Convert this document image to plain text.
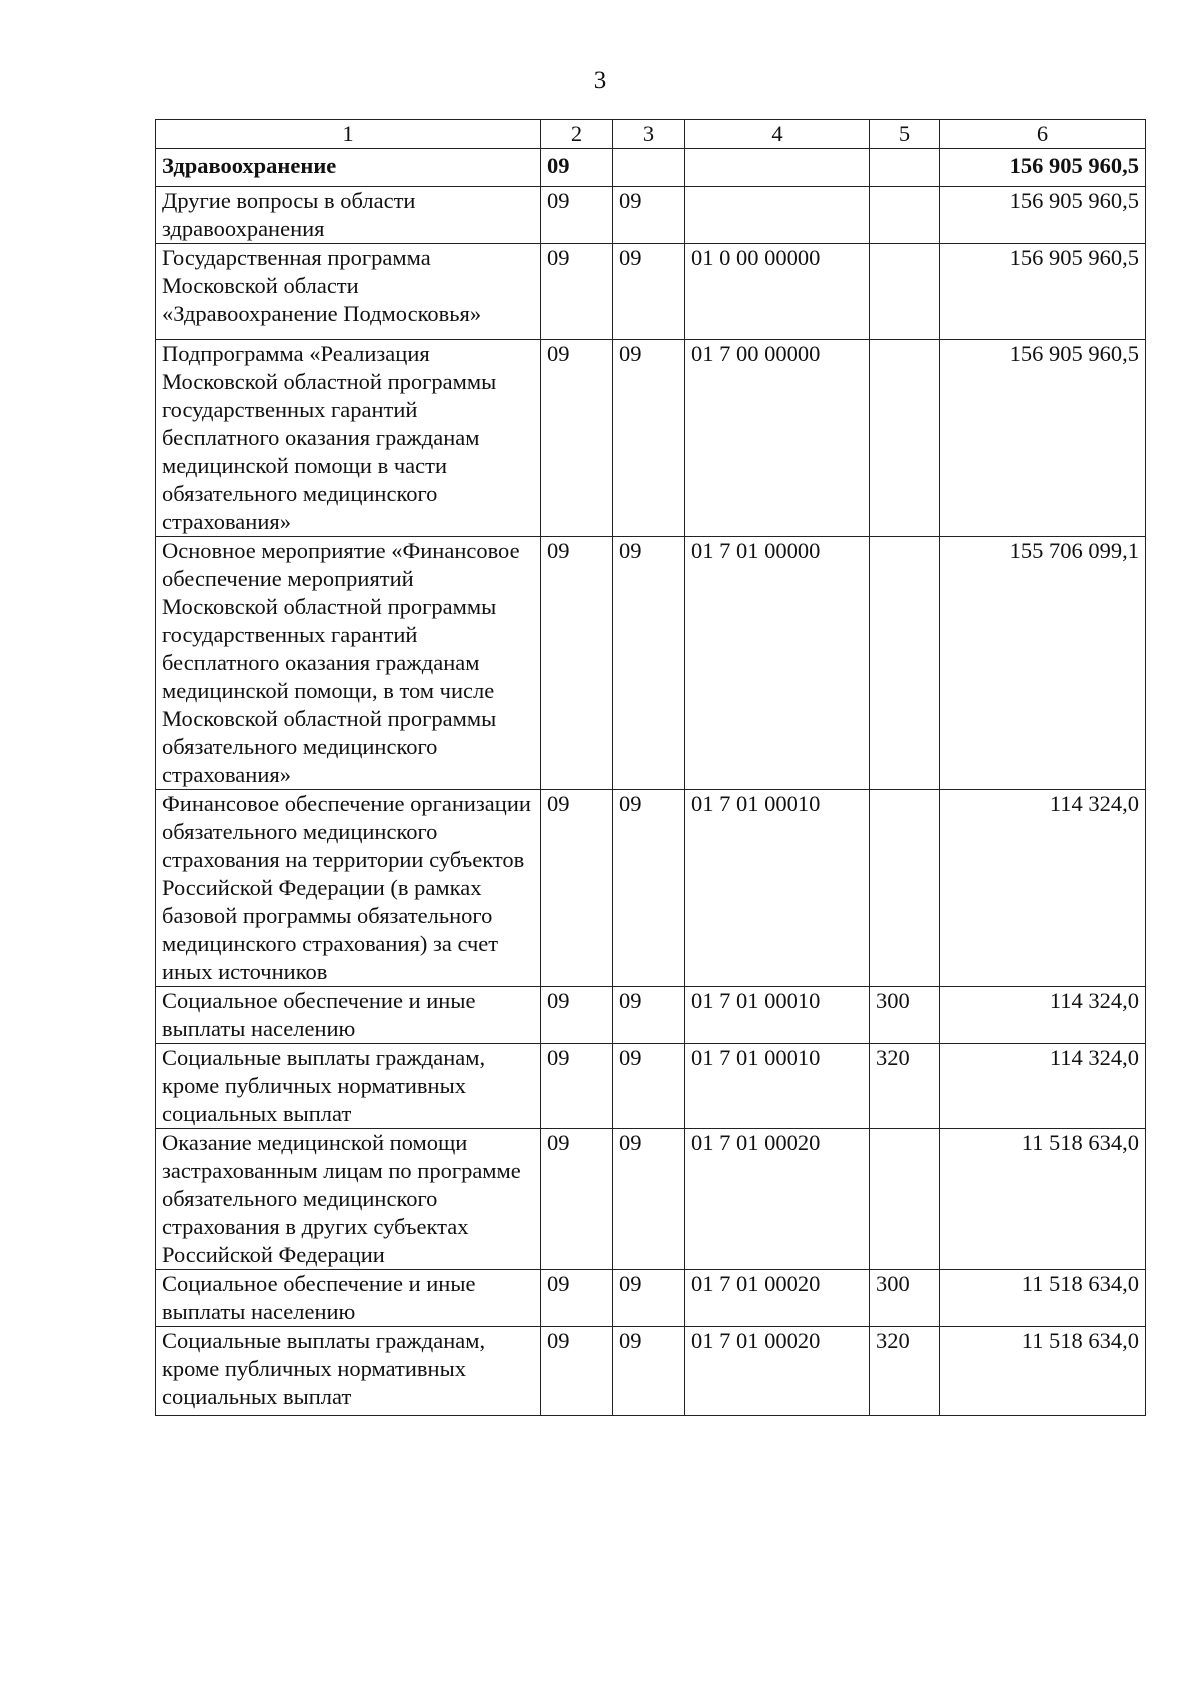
3
1	2	3	4	5	6
Здравоохранение	09				156 905 960,5
Другие вопросы в области здравоохранения	09	09			156 905 960,5
Государственная программа Московской области «Здравоохранение Подмосковья»	09	09	01 0 00 00000		156 905 960,5
Подпрограмма «Реализация Московской областной программы государственных гарантий бесплатного оказания гражданам медицинской помощи в части обязательного медицинского страхования»	09	09	01 7 00 00000		156 905 960,5
Основное мероприятие «Финансовое обеспечение мероприятий Московской областной программы государственных гарантий бесплатного оказания гражданам медицинской помощи, в том числе Московской областной программы обязательного медицинского страхования»	09	09	01 7 01 00000		155 706 099,1
Финансовое обеспечение организации обязательного медицинского страхования на территории субъектов Российской Федерации (в рамках базовой программы обязательного медицинского страхования) за счет иных источников	09	09	01 7 01 00010		114 324,0
Социальное обеспечение и иные выплаты населению	09	09	01 7 01 00010	300	114 324,0
Социальные выплаты гражданам, кроме публичных нормативных социальных выплат	09	09	01 7 01 00010	320	114 324,0
Оказание медицинской помощи застрахованным лицам по программе обязательного медицинского страхования в других субъектах Российской Федерации	09	09	01 7 01 00020		11 518 634,0
Социальное обеспечение и иные выплаты населению	09	09	01 7 01 00020	300	11 518 634,0
Социальные выплаты гражданам, кроме публичных нормативных социальных выплат	09	09	01 7 01 00020	320	11 518 634,0
